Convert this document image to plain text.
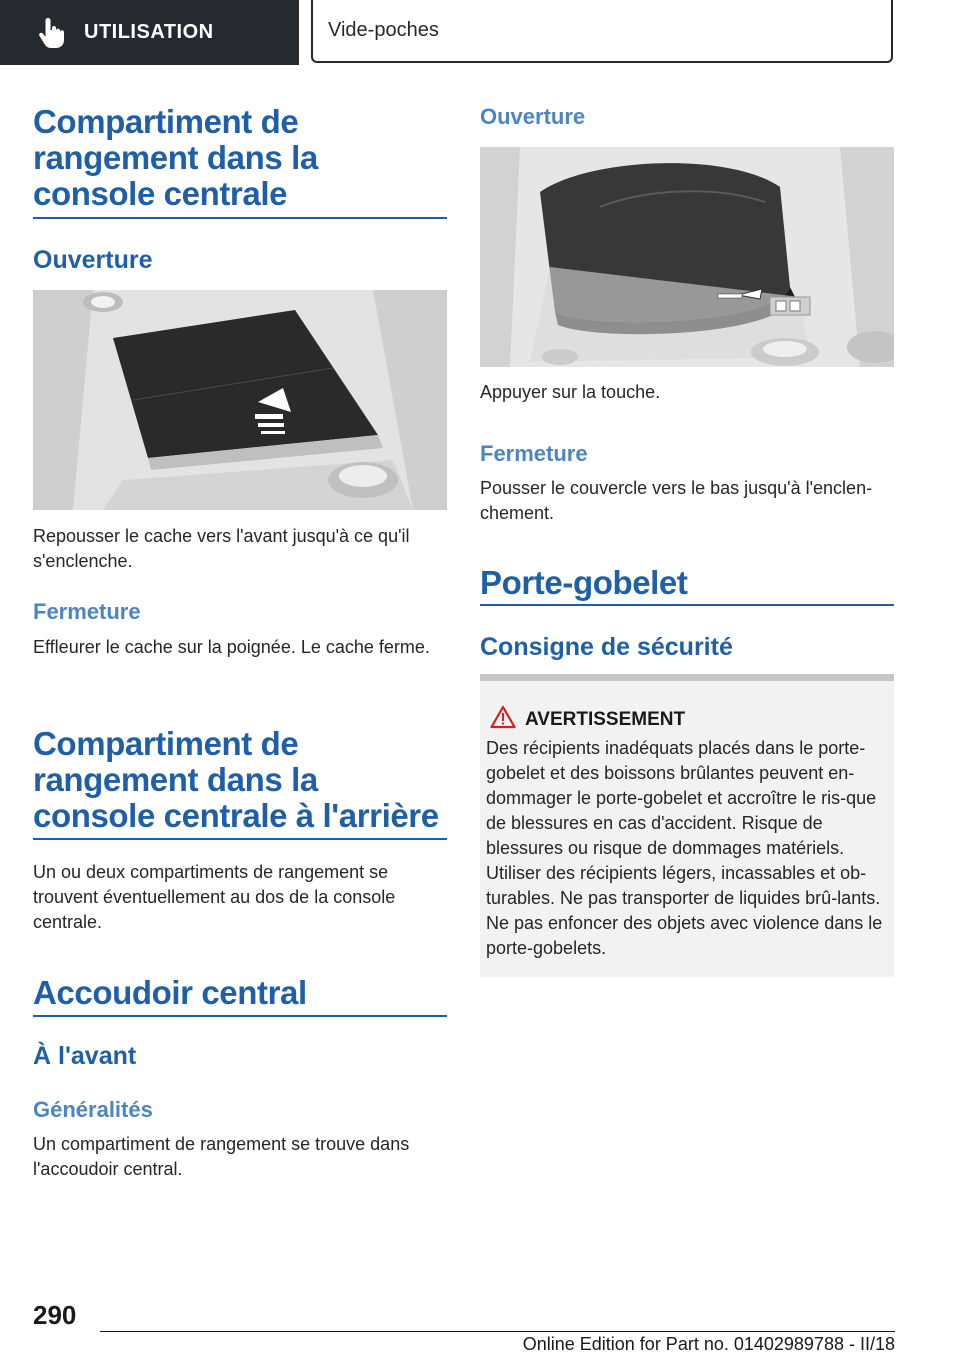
UTILISATION	Vide-poches
Compartiment de rangement dans la console centrale
Ouverture

Repousser le cache vers l'avant jusqu'à ce qu'il s'enclenche.

Fermeture

Effleurer le cache sur la poignée. Le cache ferme.

Compartiment de rangement dans la console centrale à l'arrière

Un ou deux compartiments de rangement se trouvent éventuellement au dos de la console centrale.

Accoudoir central
À l'avant
Généralités

Un compartiment de rangement se trouve dans l'accoudoir central.

Ouverture

Appuyer sur la touche.

Fermeture

Pousser le couvercle vers le bas jusqu'à l'enclen- chement.

Porte-gobelet
Consigne de sécurité
AVERTISSEMENT

Des récipients inadéquats placés dans le porte-gobelet et des boissons brûlantes peuvent en-dommager le porte-gobelet et accroître le ris-que de blessures en cas d'accident. Risque de blessures ou risque de dommages matériels. Utiliser des récipients légers, incassables et ob-turables. Ne pas transporter de liquides brû-lants. Ne pas enfoncer des objets avec violence dans le porte-gobelets.

290
Online Edition for Part no. 01402989788 - II/18
